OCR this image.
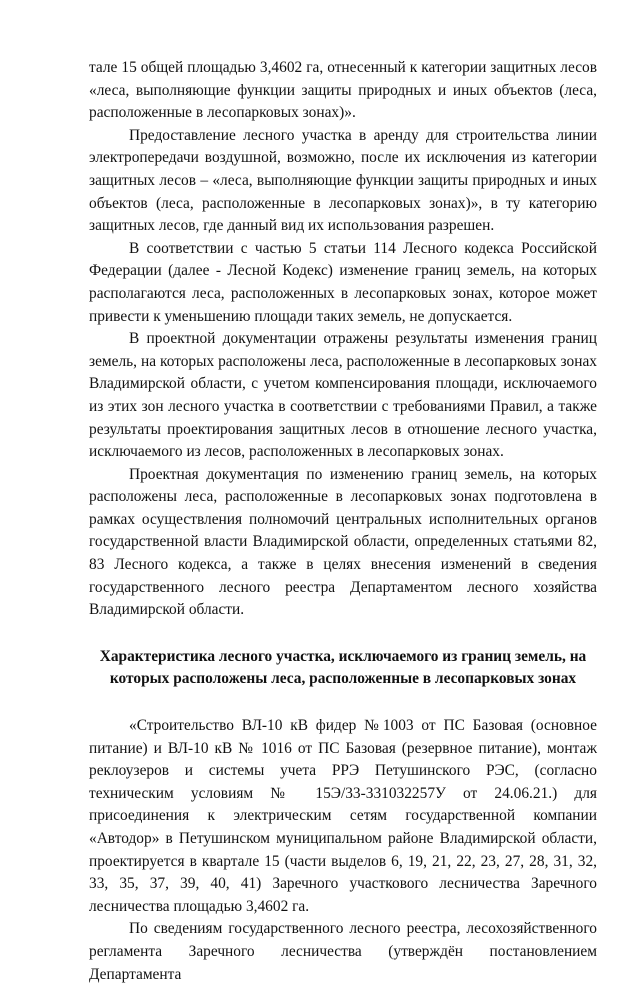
тале 15 общей площадью 3,4602 га, отнесенный к категории защитных лесов «леса, выполняющие функции защиты природных и иных объектов (леса, расположенные в лесопарковых зонах)».

Предоставление лесного участка в аренду для строительства линии электропередачи воздушной, возможно, после их исключения из категории защитных лесов – «леса, выполняющие функции защиты природных и иных объектов (леса, расположенные в лесопарковых зонах)», в ту категорию защитных лесов, где данный вид их использования разрешен.

В соответствии с частью 5 статьи 114 Лесного кодекса Российской Федерации (далее - Лесной Кодекс) изменение границ земель, на которых располагаются леса, расположенных в лесопарковых зонах, которое может привести к уменьшению площади таких земель, не допускается.

В проектной документации отражены результаты изменения границ земель, на которых расположены леса, расположенные в лесопарковых зонах Владимирской области, с учетом компенсирования площади, исключаемого из этих зон лесного участка в соответствии с требованиями Правил, а также результаты проектирования защитных лесов в отношение лесного участка, исключаемого из лесов, расположенных в лесопарковых зонах.

Проектная документация по изменению границ земель, на которых расположены леса, расположенные в лесопарковых зонах подготовлена в рамках осуществления полномочий центральных исполнительных органов государственной власти Владимирской области, определенных статьями 82, 83 Лесного кодекса, а также в целях внесения изменений в сведения государственного лесного реестра Департаментом лесного хозяйства Владимирской области.

Характеристика лесного участка, исключаемого из границ земель, на которых расположены леса, расположенные в лесопарковых зонах

«Строительство ВЛ-10 кВ фидер №1003 от ПС Базовая (основное питание) и ВЛ-10 кВ № 1016 от ПС Базовая (резервное питание), монтаж реклоузеров и системы учета РРЭ Петушинского РЭС, (согласно техническим условиям № 15Э/33-331032257У от 24.06.21.) для присоединения к электрическим сетям государственной компании «Автодор» в Петушинском муниципальном районе Владимирской области, проектируется в квартале 15 (части выделов 6, 19, 21, 22, 23, 27, 28, 31, 32, 33, 35, 37, 39, 40, 41) Заречного участкового лесничества Заречного лесничества площадью 3,4602 га.

По сведениям государственного лесного реестра, лесохозяйственного регламента Заречного лесничества (утверждён постановлением Департамента
